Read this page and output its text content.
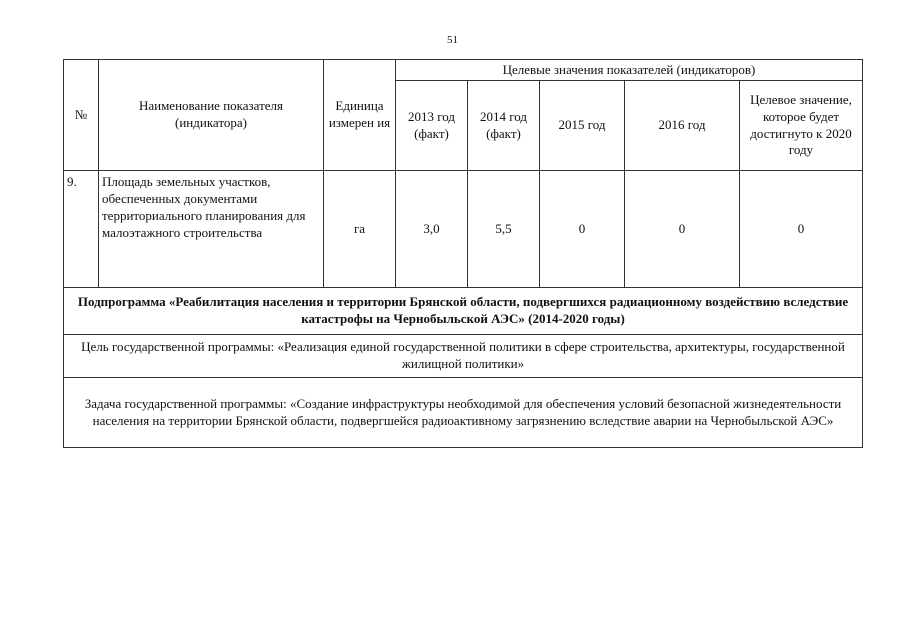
51
№	Наименование показателя (индикатора)	Единица измерен ия	Целевые значения показателей (индикаторов)				
			2013 год (факт)	2014 год (факт)	2015 год	2016 год	Целевое значение, которое будет достигнуто к 2020 году
9.	Площадь земельных участков, обеспеченных документами территориального планирования для малоэтажного строительства	га	3,0	5,5	0	0	0
Подпрограмма «Реабилитация населения и территории Брянской области, подвергшихся радиационному воздействию вследствие катастрофы на Чернобыльской АЭС» (2014-2020 годы)							
Цель государственной программы: «Реализация единой государственной политики в сфере строительства, архитектуры, государственной жилищной политики»							
Задача государственной программы: «Создание инфраструктуры необходимой для обеспечения условий безопасной жизнедеятельности населения на территории Брянской области, подвергшейся радиоактивному загрязнению вследствие аварии на Чернобыльской АЭС»							
